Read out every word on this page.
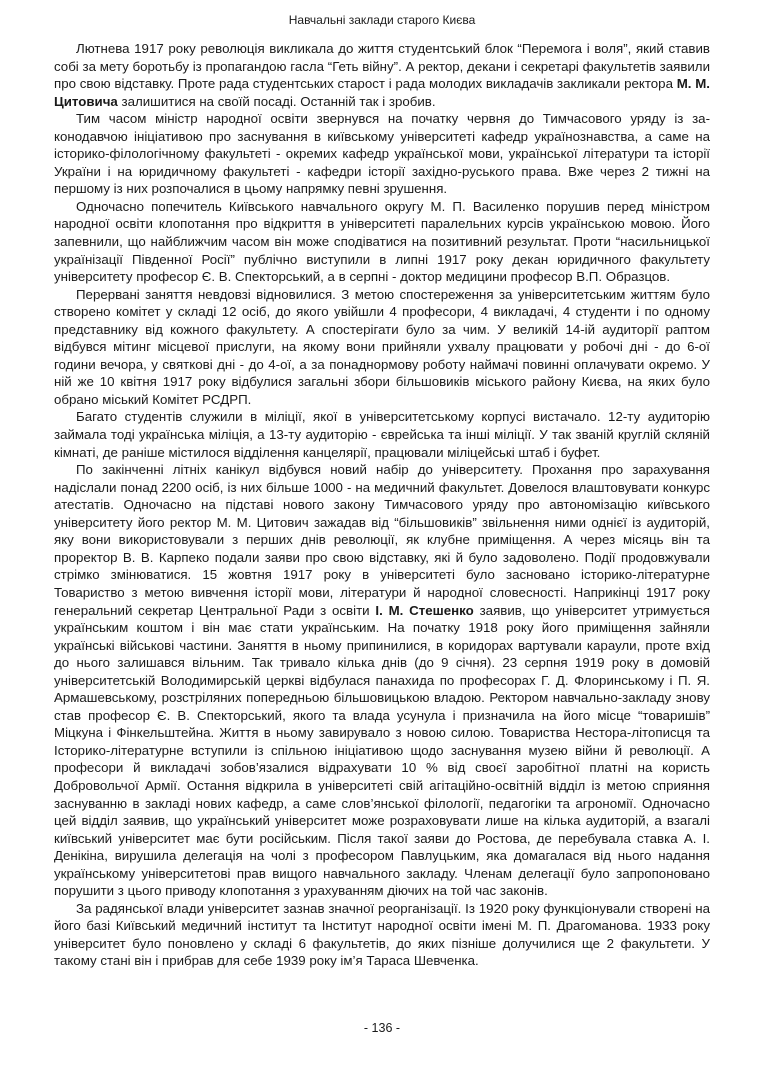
Навчальні заклади старого Києва

Лютнева 1917 року революція викликала до життя студентський блок “Перемога і воля”, який ставив собі за мету боротьбу із пропагандою гасла “Геть війну”. А ректор, декани і секретарі факультетів заявили про свою відставку. Проте рада студентських старост і рада молодих викладачів закликали ректора М. М. Цитовича залишитися на своїй посаді. Останній так і зробив.

Тим часом міністр народної освіти звернувся на початку червня до Тимчасового уряду із законодавчою ініціативою про заснування в київському університеті кафедр українознавства, а саме на історико-філологічному факультеті - окремих кафедр української мови, української літератури та історії України і на юридичному факультеті - кафедри історії західно-руського права. Вже через 2 тижні на першому із них розпочалися в цьому напрямку певні зрушення.

Одночасно попечитель Київського навчального округу М. П. Василенко порушив перед міністром народної освіти клопотання про відкриття в університеті паралельних курсів українською мовою. Його запевнили, що найближчим часом він може сподіватися на позитивний результат. Проти “насильницької українізації Південної Росії” публічно виступили в липні 1917 року декан юридичного факультету університету професор Є. В. Спекторський, а в серпні - доктор медицини професор В.П. Образцов.

Перервані заняття невдовзі відновилися. З метою спостереження за університетським життям було створено комітет у складі 12 осіб, до якого увійшли 4 професори, 4 викладачі, 4 студенти і по одному представнику від кожного факультету. А спостерігати було за чим. У великій 14-ій аудиторії раптом відбувся мітинг місцевої прислуги, на якому вони прийняли ухвалу працювати у робочі дні - до 6-ої години вечора, у святкові дні - до 4-ої, а за понаднормову роботу наймачі повинні оплачувати окремо. У ній же 10 квітня 1917 року відбулися загальні збори більшовиків міського району Києва, на яких було обрано міський Комітет РСДРП.

Багато студентів служили в міліції, якої в університетському корпусі вистачало. 12-ту аудиторію займала тоді українська міліція, а 13-ту аудиторію - єврейська та інші міліції. У так званій круглій скляній кімнаті, де раніше містилося відділення канцелярії, працювали міліцейські штаб і буфет.

По закінченні літніх канікул відбувся новий набір до університету. Прохання про зарахування надіслали понад 2200 осіб, із них більше 1000 - на медичний факультет. Довелося влаштовувати конкурс атестатів. Одночасно на підставі нового закону Тимчасового уряду про автономізацію київського університету його ректор М. М. Цитович зажадав від “більшовиків” звільнення ними однієї із аудиторій, яку вони використовували з перших днів революції, як клубне приміщення. А через місяць він та проректор В. В. Карпеко подали заяви про свою відставку, які й було задоволено. Події продовжували стрімко змінюватися. 15 жовтня 1917 року в університеті було засновано історико-літературне Товариство з метою вивчення історії мови, літератури й народної словесності. Наприкінці 1917 року генеральний секретар Центральної Ради з освіти І. М. Стешенко заявив, що університет утримується українським коштом і він має стати українським. На початку 1918 року його приміщення зайняли українські військові частини. Заняття в ньому припинилися, в коридорах вартували караули, проте вхід до нього залишався вільним. Так тривало кілька днів (до 9 січня). 23 серпня 1919 року в домовій університетській Володимирській церкві відбулася панахида по професорах Г. Д. Флоринському і П. Я. Армашевському, розстріляних попередньою більшовицькою владою. Ректором навчально-закладу знову став професор Є. В. Спекторський, якого та влада усунула і призначила на його місце “товаришів” Міцкуна і Фінкельштейна. Життя в ньому завирувало з новою силою. Товариства Нестора-літописця та Історико-літературне вступили із спільною ініціативою щодо заснування музею війни й революції. А професори й викладачі зобов’язалися відрахувати 10 % від своєї заробітної платні на користь Добровольчої Армії. Остання відкрила в університеті свій агітаційно-освітній відділ із метою сприяння заснуванню в закладі нових кафедр, а саме слов’янської філології, педагогіки та агрономії. Одночасно цей відділ заявив, що український університет може розраховувати лише на кілька аудиторій, а взагалі київський університет має бути російським. Після такої заяви до Ростова, де перебувала ставка А. І. Денікіна, вирушила делегація на чолі з професором Павлуцьким, яка домагалася від нього надання українському університетові прав вищого навчального закладу. Членам делегації було запропоновано порушити з цього приводу клопотання з урахуванням діючих на той час законів.

За радянської влади університет зазнав значної реорганізації. Із 1920 року функціонували створені на його базі Київський медичний інститут та Інститут народної освіти імені М. П. Драгоманова. 1933 року університет було поновлено у складі 6 факультетів, до яких пізніше долучилися ще 2 факультети. У такому стані він і прибрав для себе 1939 року ім’я Тараса Шевченка.

- 136 -
